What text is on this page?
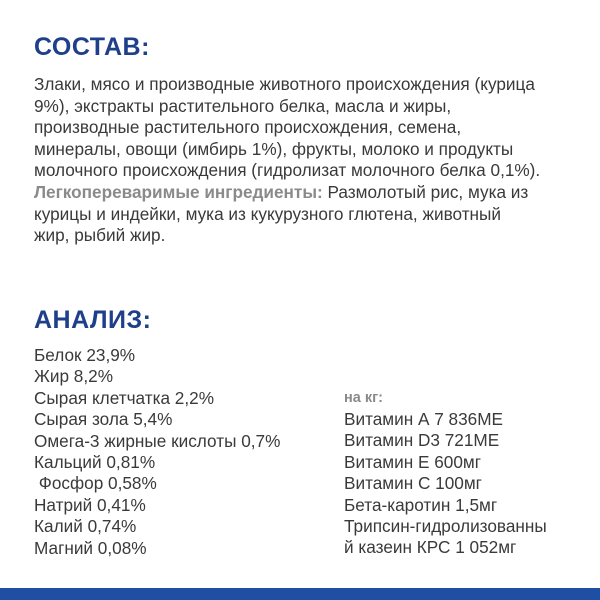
СОСТАВ:
Злаки, мясо и производные животного происхождения (курица
9%), экстракты растительного белка, масла и жиры,
производные растительного происхождения, семена,
минералы, овощи (имбирь 1%), фрукты, молоко и продукты
молочного происхождения (гидролизат молочного белка 0,1%).
Легкопереваримые ингредиенты: Размолотый рис, мука из
курицы и индейки, мука из кукурузного глютена, животный
жир, рыбий жир.
АНАЛИЗ:
Белок 23,9%
Жир 8,2%
Сырая клетчатка 2,2%
Сырая зола 5,4%
Омега-3 жирные кислоты 0,7%
Кальций 0,81%
Фосфор 0,58%
Натрий 0,41%
Калий 0,74%
Магний 0,08%
на кг:
Витамин А 7 836МЕ
Витамин D3 721МЕ
Витамин Е 600мг
Витамин С 100мг
Бета-каротин 1,5мг
Трипсин-гидролизованны
й казеин КРС 1 052мг
